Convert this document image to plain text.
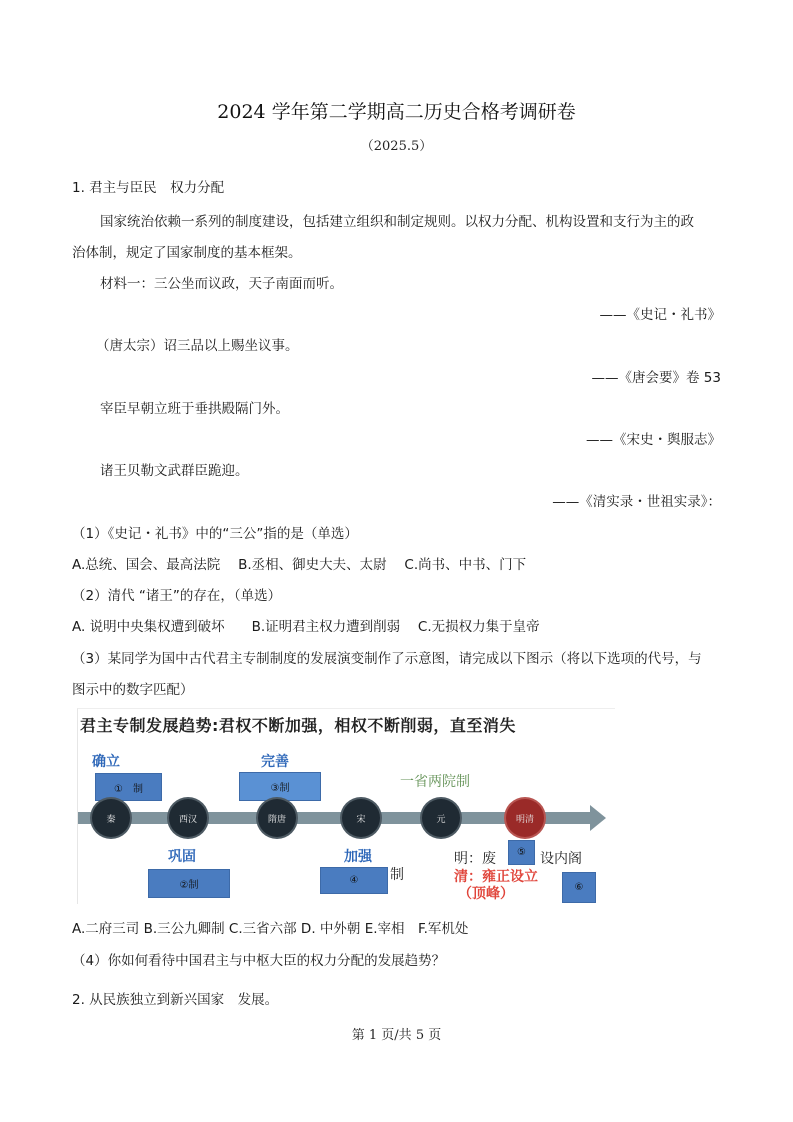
2024 学年第二学期高二历史合格考调研卷
（2025.5）
1. 君主与臣民　权力分配
国家统治依赖一系列的制度建设，包括建立组织和制定规则。以权力分配、机构设置和支行为主的政
治体制，规定了国家制度的基本框架。
材料一：三公坐而议政，天子南面而听。
——《史记・礼书》
（唐太宗）诏三品以上赐坐议事。
——《唐会要》卷 53
宰臣早朝立班于垂拱殿隔门外。
——《宋史・舆服志》
诸王贝勒文武群臣跪迎。
——《清实录・世祖实录》：
（1）《史记・礼书》中的“三公”指的是（单选）
A.总统、国会、最高法院　 B.丞相、御史大夫、太尉　 C.尚书、中书、门下
（2）清代 “诸王”的存在，（单选）
A. 说明中央集权遭到破坏　　B.证明君主权力遭到削弱　 C.无损权力集于皇帝
（3）某同学为国中古代君主专制制度的发展演变制作了示意图，请完成以下图示（将以下选项的代号，与
图示中的数字匹配）
君主专制发展趋势:君权不断加强，相权不断削弱，直至消失
确立
①　制
完善
③制	一省两院制
秦	西汉	隋唐	宋	元	明清
巩固
②制
加强
制
④
明：废	设内阁
⑤
清：雍正设立
（顶峰）	⑥
A.二府三司 B.三公九卿制 C.三省六部 D. 中外朝 E.宰相　F.军机处
（4）你如何看待中国君主与中枢大臣的权力分配的发展趋势？
2. 从民族独立到新兴国家　发展。
第 1 页/共 5 页
